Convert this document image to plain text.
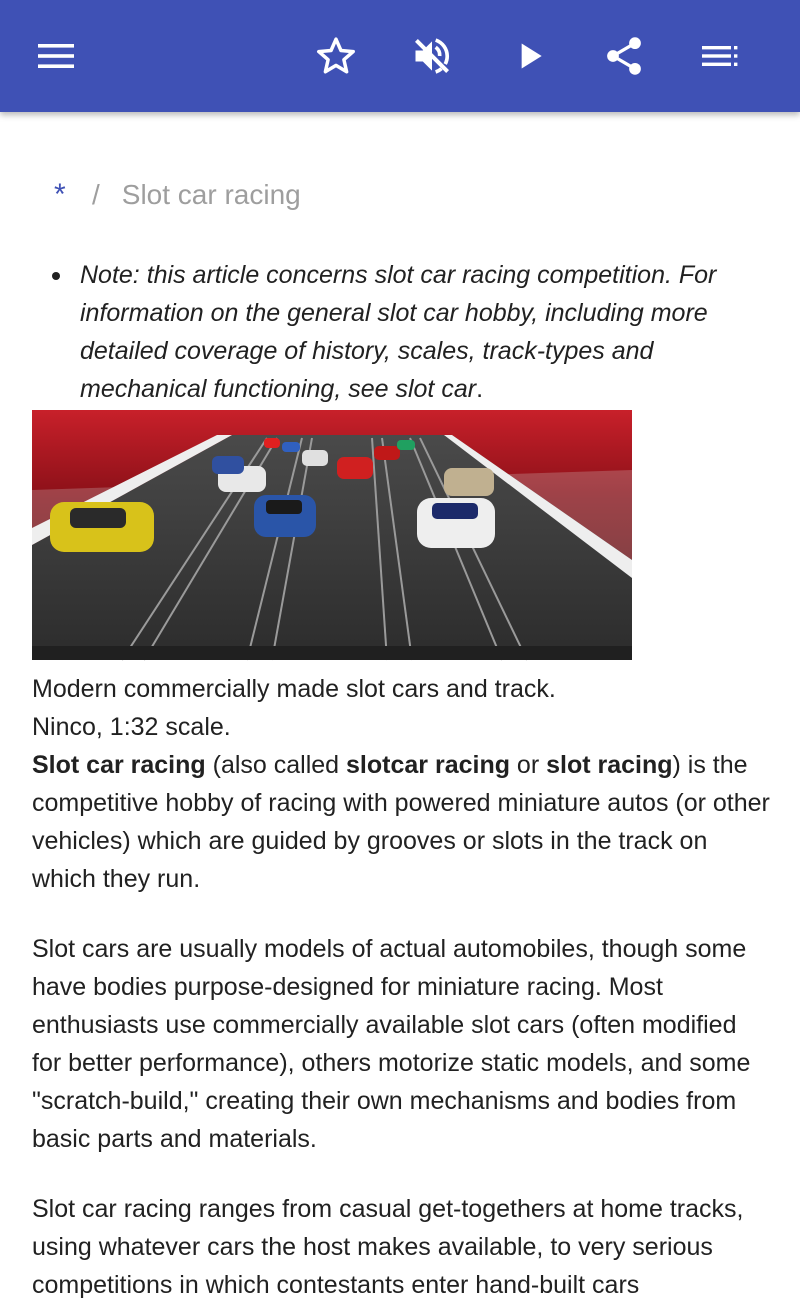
* / Slot car racing
Note: this article concerns slot car racing competition. For information on the general slot car hobby, including more detailed coverage of history, scales, track-types and mechanical functioning, see slot car.
Modern commercially made slot cars and track.
Ninco, 1:32 scale.
Slot car racing (also called slotcar racing or slot racing) is the competitive hobby of racing with powered miniature autos (or other vehicles) which are guided by grooves or slots in the track on which they run.
Slot cars are usually models of actual automobiles, though some have bodies purpose-designed for miniature racing. Most enthusiasts use commercially available slot cars (often modified for better performance), others motorize static models, and some "scratch-build," creating their own mechanisms and bodies from basic parts and materials.
Slot car racing ranges from casual get-togethers at home tracks, using whatever cars the host makes available, to very serious competitions in which contestants enter hand-built cars
